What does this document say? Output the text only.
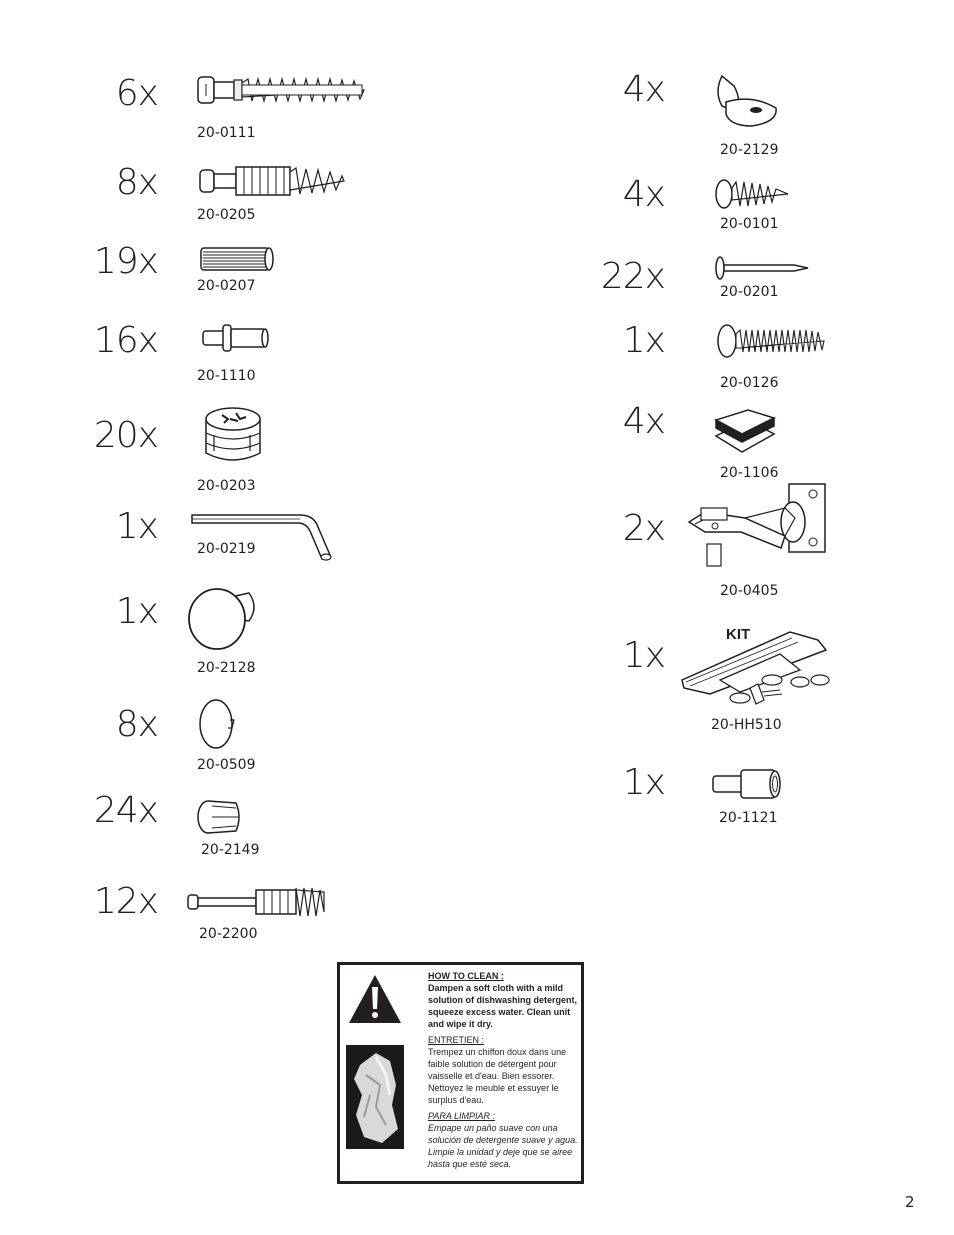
6x
20-0111
8x
20-0205
19x
20-0207
16x
20-1110
20x
20-0203
1x
20-0219
1x
20-2128
8x
20-0509
24x
20-2149
12x
20-2200
4x
20-2129
4x
20-0101
22x	20-0201
1x
20-0126
4x
20-1106
2x
20-0405
1x
KIT
20-HH510
1x
20-1121
HOW TO CLEAN :
Dampen a soft cloth with a mild solution of dishwashing detergent, squeeze excess water. Clean unit and wipe it dry.
ENTRETIEN :
Trempez un chiffon doux dans une faible solution de détergent pour vaisselle et d'eau. Bien essorer. Nettoyez le meuble et essuyer le surplus d'eau.
PARA LIMPIAR :
Empape un paño suave con una solución de detergente suave y agua. Limpie la unidad y deje que se airee hasta que esté seca.
2
